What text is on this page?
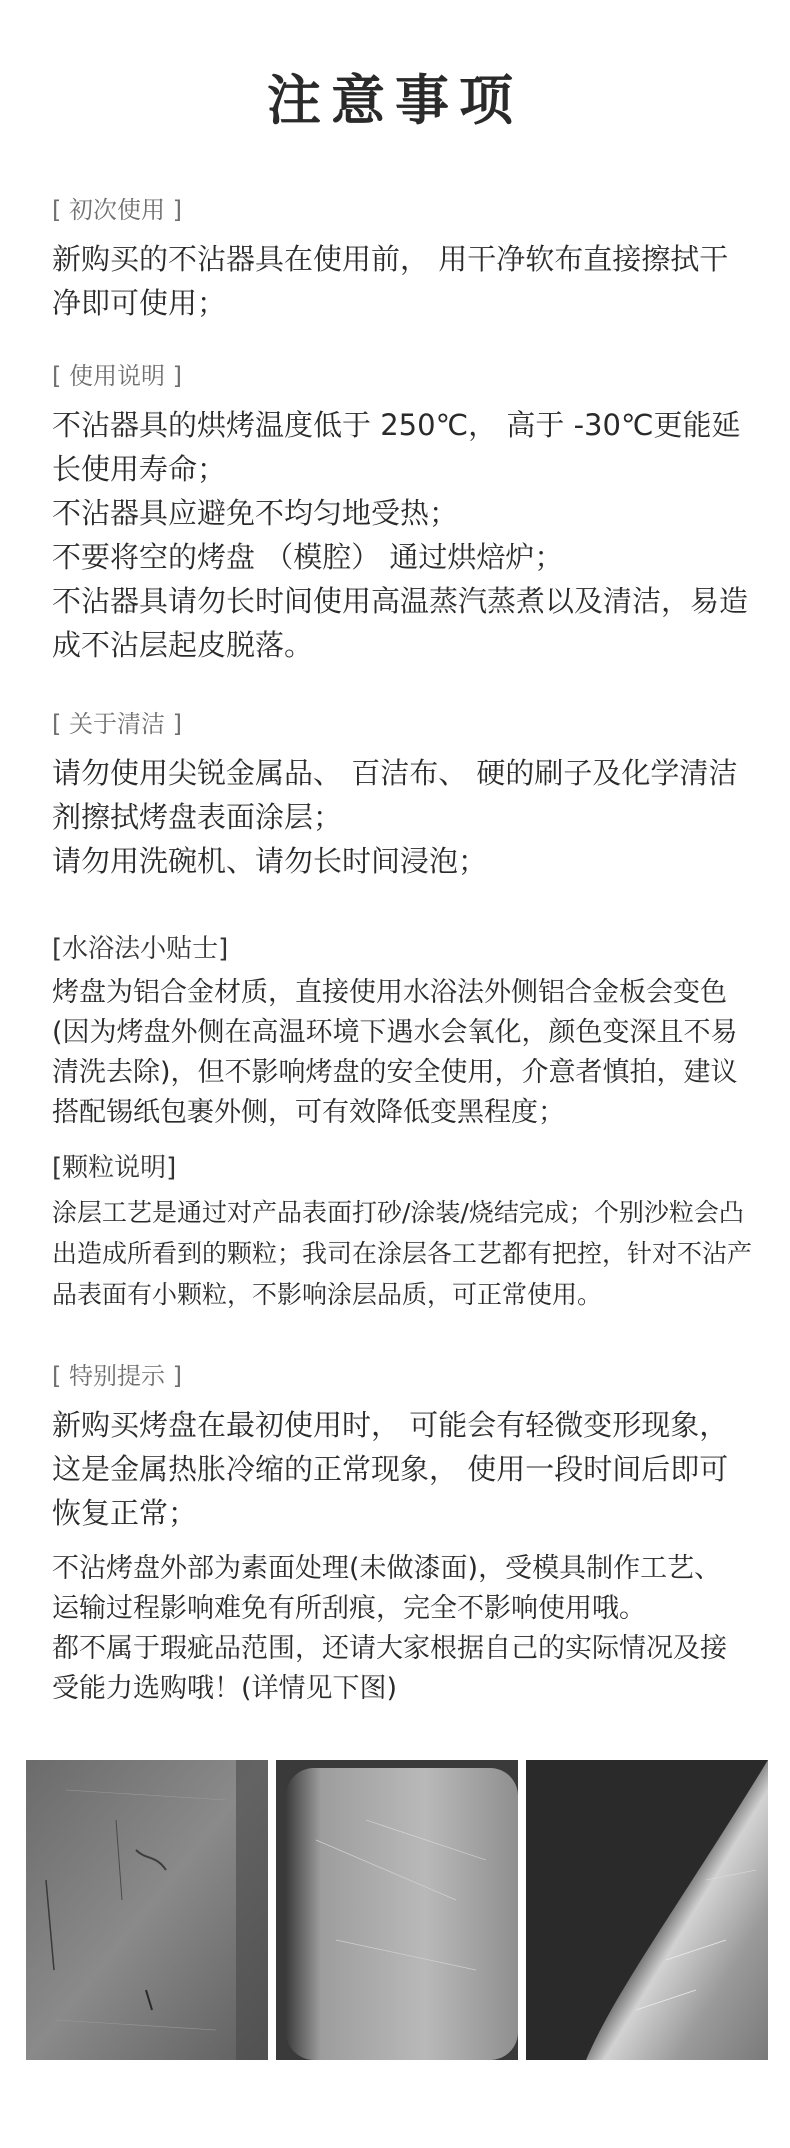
注意事项
[ 初次使用 ]
新购买的不沾器具在使用前， 用干净软布直接擦拭干净即可使用；
[ 使用说明 ]
不沾器具的烘烤温度低于 250℃， 高于 -30℃更能延长使用寿命；
不沾器具应避免不均匀地受热；
不要将空的烤盘 （模腔） 通过烘焙炉；
不沾器具请勿长时间使用高温蒸汽蒸煮以及清洁，易造成不沾层起皮脱落。
[ 关于清洁 ]
请勿使用尖锐金属品、 百洁布、 硬的刷子及化学清洁剂擦拭烤盘表面涂层；
请勿用洗碗机、请勿长时间浸泡；
[水浴法小贴士]
烤盘为铝合金材质，直接使用水浴法外侧铝合金板会变色(因为烤盘外侧在高温环境下遇水会氧化，颜色变深且不易清洗去除)，但不影响烤盘的安全使用，介意者慎拍，建议搭配锡纸包裹外侧，可有效降低变黑程度；
[颗粒说明]
涂层工艺是通过对产品表面打砂/涂装/烧结完成；个别沙粒会凸出造成所看到的颗粒；我司在涂层各工艺都有把控，针对不沾产品表面有小颗粒，不影响涂层品质，可正常使用。
[ 特别提示 ]
新购买烤盘在最初使用时， 可能会有轻微变形现象，这是金属热胀冷缩的正常现象， 使用一段时间后即可恢复正常；
不沾烤盘外部为素面处理(未做漆面)，受模具制作工艺、 运输过程影响难免有所刮痕，完全不影响使用哦。
都不属于瑕疵品范围，还请大家根据自己的实际情况及接受能力选购哦！(详情见下图)
